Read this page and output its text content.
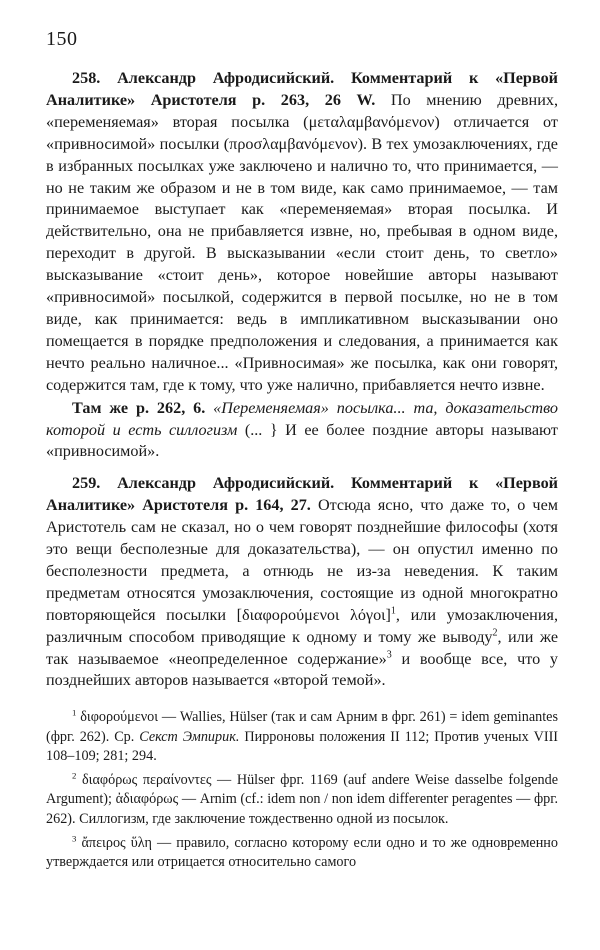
150

258. Александр Афродисийский. Комментарий к «Первой Аналитике» Аристотеля р. 263, 26 W. По мнению древних, «переменяемая» вторая посылка (μεταλαμβανόμενον) отличается от «привносимой» посылки (προσλαμβανόμενον). В тех умозаключениях, где в избранных посылках уже заключено и налично то, что принимается, — но не таким же образом и не в том виде, как само принимаемое, — там принимаемое выступает как «переменяемая» вторая посылка. И действительно, она не прибавляется извне, но, пребывая в одном виде, переходит в другой. В высказывании «если стоит день, то светло» высказывание «стоит день», которое новейшие авторы называют «привносимой» посылкой, содержится в первой посылке, но не в том виде, как принимается: ведь в импликативном высказывании оно помещается в порядке предположения и следования, а принимается как нечто реально наличное... «Привносимая» же посылка, как они говорят, содержится там, где к тому, что уже налично, прибавляется нечто извне.

Там же р. 262, 6. «Переменяемая» посылка... та, доказательство которой и есть силлогизм (... } И ее более поздние авторы называют «привносимой».

259. Александр Афродисийский. Комментарий к «Первой Аналитике» Аристотеля р. 164, 27. Отсюда ясно, что даже то, о чем Аристотель сам не сказал, но о чем говорят позднейшие философы (хотя это вещи бесполезные для доказательства), — он опустил именно по бесполезности предмета, а отнюдь не из-за неведения. К таким предметам относятся умозаключения, состоящие из одной многократно повторяющейся посылки [διαφορούμενοι λόγοι]$^1$, или умозаключения, различным способом приводящие к одному и тому же выводу$^2$, или же так называемое «неопределенное содержание»$^3$ и вообще все, что у позднейших авторов называется «второй темой».

$^1$ διφορούμενοι — Wallies, Hülser (так и сам Арним в фрг. 261) = idem geminantes (фрг. 262). Ср. Секст Эмпирик. Пирроновы положения II 112; Против ученых VIII 108–109; 281; 294.

$^2$ διαφόρως περαίνοντες — Hülser фрг. 1169 (auf andere Weise dasselbe folgende Argument); ἀδιαφόρως — Arnim (cf.: idem non / non idem differenter peragentes — фрг. 262). Силлогизм, где заключение тождественно одной из посылок.

$^3$ ἄπειρος ὕλη — правило, согласно которому если одно и то же одновременно утверждается или отрицается относительно самого
